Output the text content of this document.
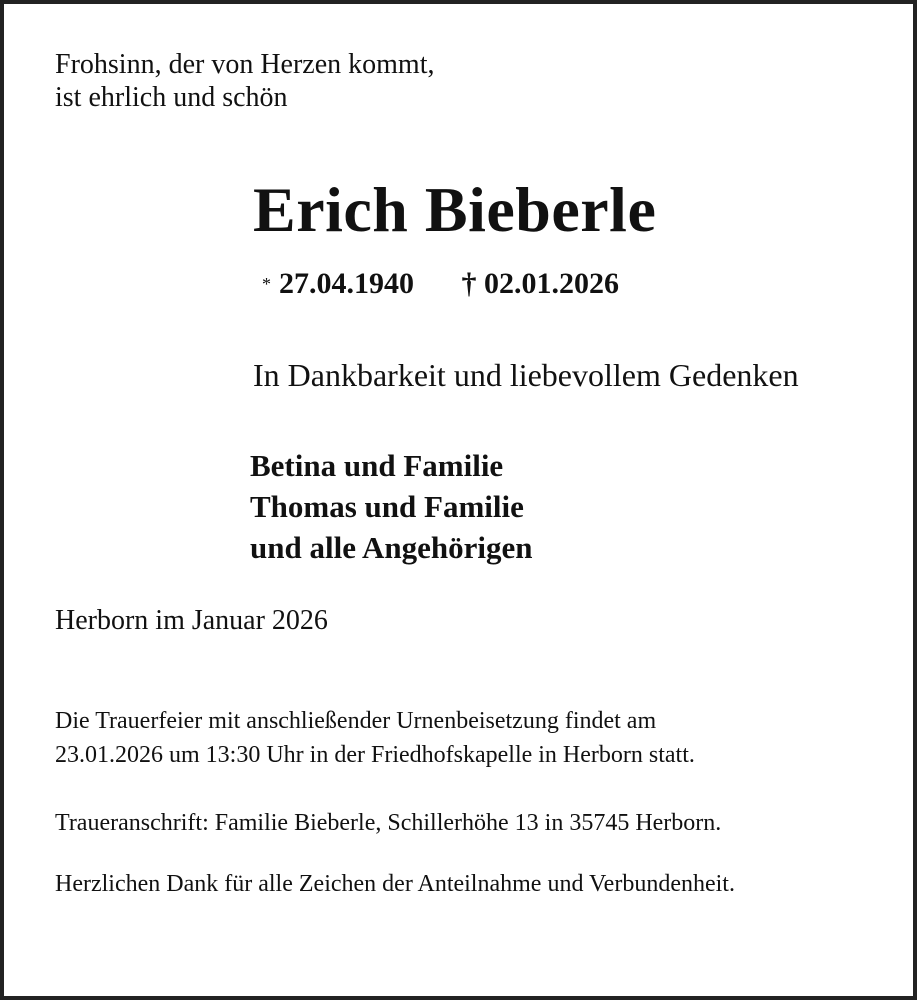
Frohsinn, der von Herzen kommt,
ist ehrlich und schön
Erich Bieberle
* 27.04.1940 † 02.01.2026
In Dankbarkeit und liebevollem Gedenken
Betina und Familie
Thomas und Familie
und alle Angehörigen
Herborn im Januar 2026
Die Trauerfeier mit anschließender Urnenbeisetzung findet am
23.01.2026 um 13:30 Uhr in der Friedhofskapelle in Herborn statt.
Traueranschrift: Familie Bieberle, Schillerhöhe 13 in 35745 Herborn.
Herzlichen Dank für alle Zeichen der Anteilnahme und Verbundenheit.
